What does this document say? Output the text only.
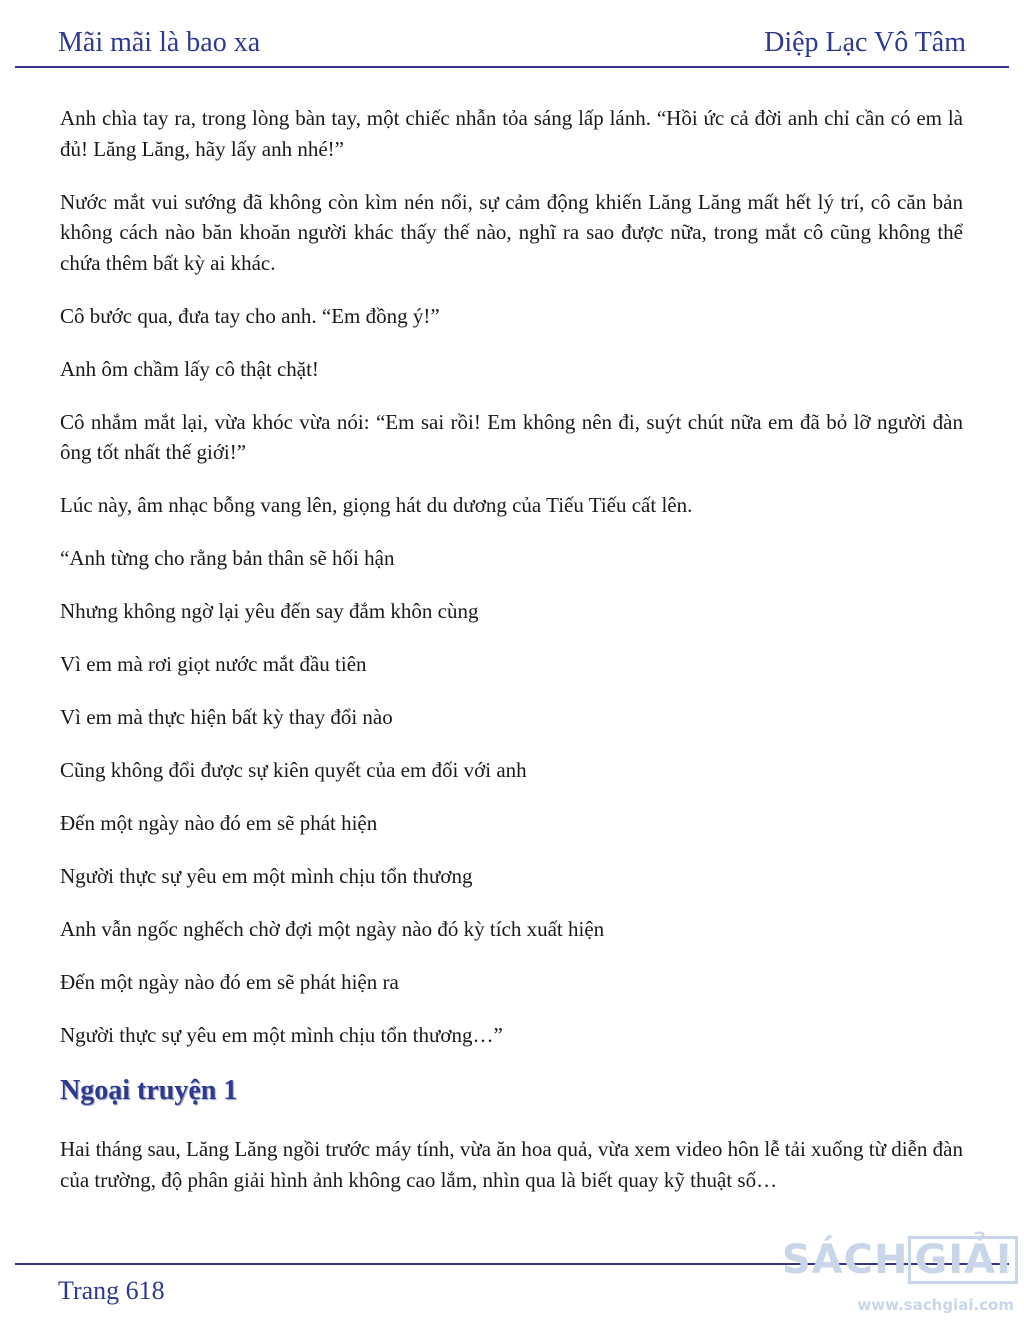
Mãi mãi là bao xa	Diệp Lạc Vô Tâm

Anh chìa tay ra, trong lòng bàn tay, một chiếc nhẫn tỏa sáng lấp lánh. “Hồi ức cả đời anh chỉ cần có em là đủ! Lăng Lăng, hãy lấy anh nhé!”

Nước mắt vui sướng đã không còn kìm nén nổi, sự cảm động khiến Lăng Lăng mất hết lý trí, cô căn bản không cách nào băn khoăn người khác thấy thế nào, nghĩ ra sao được nữa, trong mắt cô cũng không thể chứa thêm bất kỳ ai khác.

Cô bước qua, đưa tay cho anh. “Em đồng ý!”

Anh ôm chầm lấy cô thật chặt!

Cô nhắm mắt lại, vừa khóc vừa nói: “Em sai rồi! Em không nên đi, suýt chút nữa em đã bỏ lỡ người đàn ông tốt nhất thế giới!”

Lúc này, âm nhạc bỗng vang lên, giọng hát du dương của Tiếu Tiếu cất lên.

“Anh từng cho rằng bản thân sẽ hối hận

Nhưng không ngờ lại yêu đến say đắm khôn cùng

Vì em mà rơi giọt nước mắt đầu tiên

Vì em mà thực hiện bất kỳ thay đổi nào

Cũng không đổi được sự kiên quyết của em đối với anh

Đến một ngày nào đó em sẽ phát hiện

Người thực sự yêu em một mình chịu tổn thương

Anh vẫn ngốc nghếch chờ đợi một ngày nào đó kỳ tích xuất hiện

Đến một ngày nào đó em sẽ phát hiện ra

Người thực sự yêu em một mình chịu tổn thương…”

Ngoại truyện 1

Hai tháng sau, Lăng Lăng ngồi trước máy tính, vừa ăn hoa quả, vừa xem video hôn lễ tải xuống từ diễn đàn của trường, độ phân giải hình ảnh không cao lắm, nhìn qua là biết quay kỹ thuật số…

Trang 618
SÁCH GIẢI
www.sachgiai.com
